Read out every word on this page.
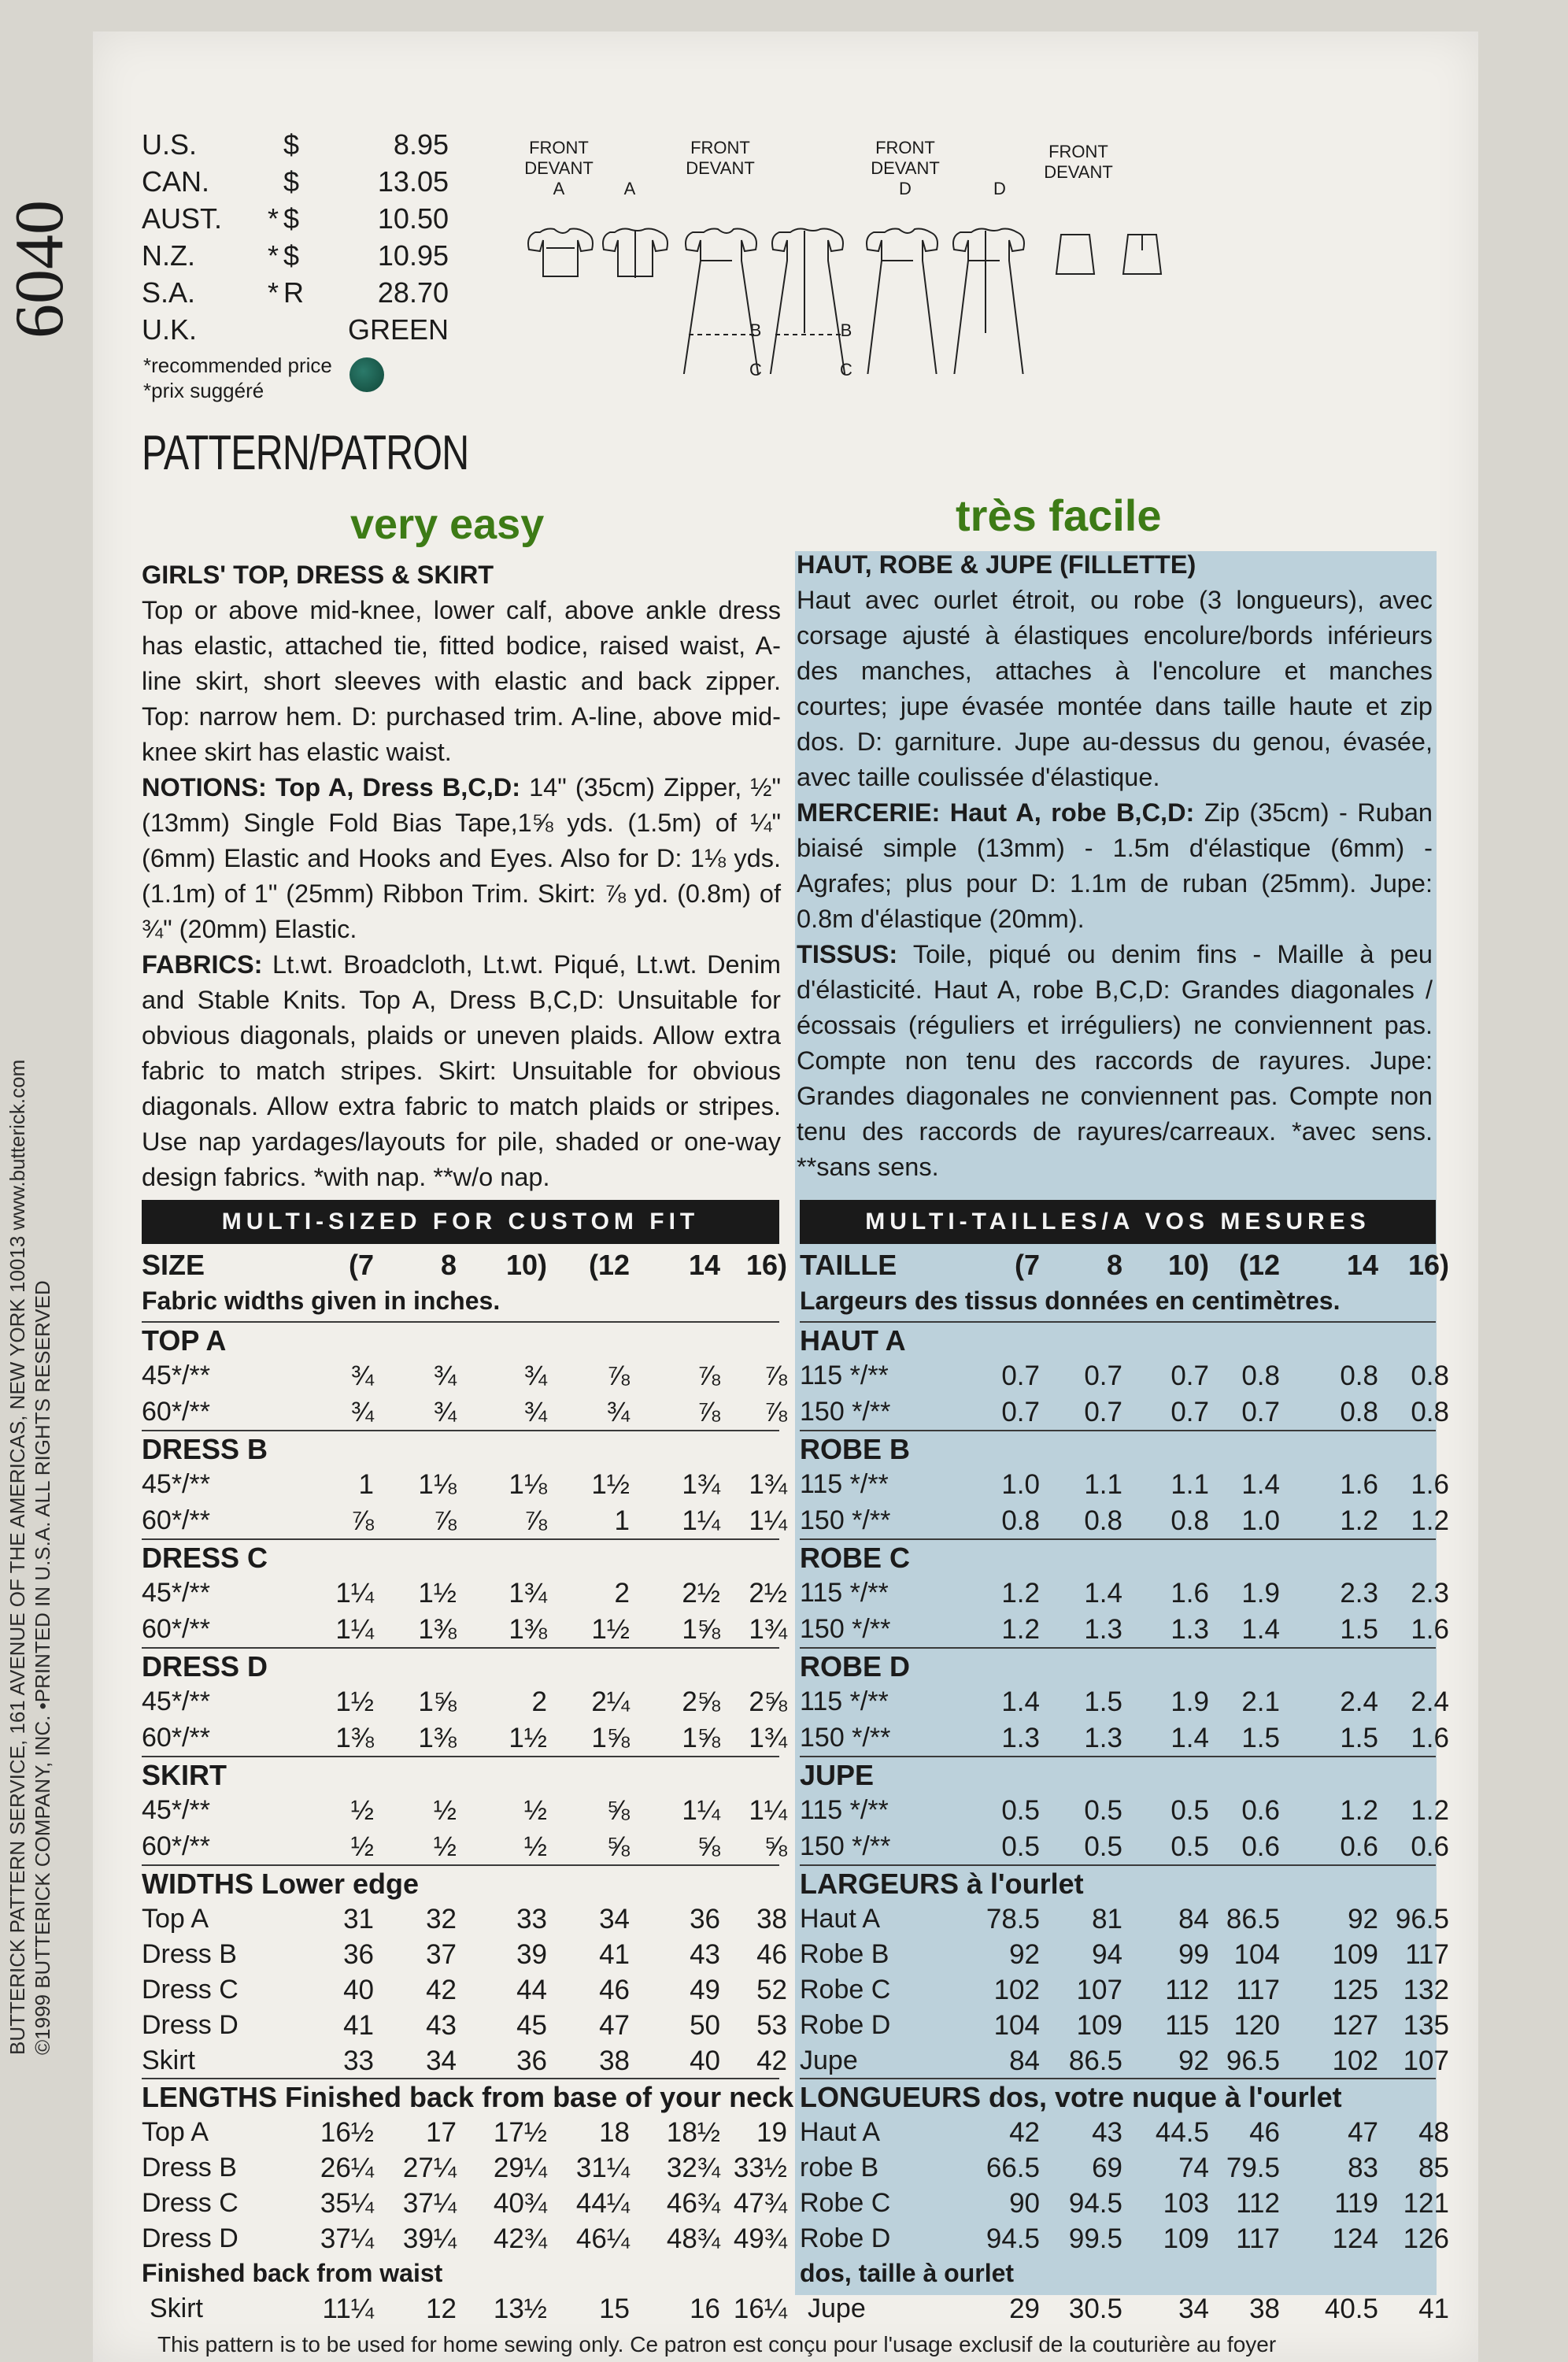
6040
BUTTERICK PATTERN SERVICE, 161 AVENUE OF THE AMERICAS, NEW YORK 10013 www.butterick.com ©1999 BUTTERICK COMPANY, INC. •PRINTED IN U.S.A. ALL RIGHTS RESERVED
U.S.	$	8.95
CAN.	$	13.05
AUST.	* $	10.50
N.Z.	* $	10.95
S.A.	* R	28.70
U.K.	GREEN
*recommended price
*prix suggéré
PATTERN/PATRON
FRONT
DEVANT
A	A
FRONT
DEVANT
FRONT
DEVANT
D	D
FRONT
DEVANT
B
C
B
C
very easy	très facile

GIRLS' TOP, DRESS & SKIRT

Top or above mid-knee, lower calf, above ankle dress has elastic, attached tie, fitted bodice, raised waist, A-line skirt, short sleeves with elastic and back zipper. Top: narrow hem. D: purchased trim. A-line, above mid-knee skirt has elastic waist.

NOTIONS: Top A, Dress B,C,D: 14" (35cm) Zipper, ½" (13mm) Single Fold Bias Tape,1⅝ yds. (1.5m) of ¼" (6mm) Elastic and Hooks and Eyes. Also for D: 1⅛ yds. (1.1m) of 1" (25mm) Ribbon Trim. Skirt: ⅞ yd. (0.8m) of ¾" (20mm) Elastic.

FABRICS: Lt.wt. Broadcloth, Lt.wt. Piqué, Lt.wt. Denim and Stable Knits. Top A, Dress B,C,D: Unsuitable for obvious diagonals, plaids or uneven plaids. Allow extra fabric to match stripes. Skirt: Unsuitable for obvious diagonals. Allow extra fabric to match plaids or stripes. Use nap yardages/layouts for pile, shaded or one-way design fabrics. *with nap. **w/o nap.

HAUT, ROBE & JUPE (FILLETTE)

Haut avec ourlet étroit, ou robe (3 longueurs), avec corsage ajusté à élastiques encolure/bords inférieurs des manches, attaches à l'encolure et manches courtes; jupe évasée montée dans taille haute et zip dos. D: garniture. Jupe au-dessus du genou, évasée, avec taille coulissée d'élastique.

MERCERIE: Haut A, robe B,C,D: Zip (35cm) - Ruban biaisé simple (13mm) - 1.5m d'élastique (6mm) - Agrafes; plus pour D: 1.1m de ruban (25mm). Jupe: 0.8m d'élastique (20mm).

TISSUS: Toile, piqué ou denim fins - Maille à peu d'élasticité. Haut A, robe B,C,D: Grandes diagonales /écossais (réguliers et irréguliers) ne conviennent pas. Compte non tenu des raccords de rayures. Jupe: Grandes diagonales ne conviennent pas. Compte non tenu des raccords de rayures/carreaux. *avec sens. **sans sens.

MULTI-SIZED FOR CUSTOM FIT
SIZE	(7	8	10)	(12	14 16)
Fabric widths given in inches.
TOP A
45*/**	¾	¾	¾	⅞	⅞	⅞
60*/**	¾	¾	¾	¾	⅞	⅞
DRESS B
45*/**	1	1⅛	1⅛	1½	1¾	1¾
60*/**	⅞	⅞	⅞	1	1¼	1¼
DRESS C
45*/**	1¼	1½	1¾	2	2½	2½
60*/**	1¼	1⅜	1⅜	1½	1⅝	1¾
DRESS D
45*/**	1½	1⅝	2	2¼	2⅝	2⅝
60*/**	1⅜	1⅜	1½	1⅝	1⅝	1¾
SKIRT
45*/**	½	½	½	⅝	1¼	1¼
60*/**	½	½	½	⅝	⅝	⅝
WIDTHS Lower edge
Top A	31	32	33	34	36	38
Dress B	36	37	39	41	43	46
Dress C	40	42	44	46	49	52
Dress D	41	43	45	47	50	53
Skirt	33	34	36	38	40	42
LENGTHS Finished back from base of your neck
Top A	16½	17	17½	18	18½	19
Dress B	26¼	27¼	29¼	31¼	32¾ 33½
Dress C	35¼	37¼	40¾	44¼	46¾ 47¾
Dress D	37¼	39¼	42¾	46¼	48¾ 49¾
Finished back from waist
Skirt	11¼	12	13½	15	16 16¼
MULTI-TAILLES/A VOS MESURES
TAILLE	(7	8	10)	(12	14	16)
Largeurs des tissus données en centimètres.
HAUT A
115 */**	0.7	0.7	0.7	0.8	0.8	0.8
150 */**	0.7	0.7	0.7	0.7	0.8	0.8
ROBE B
115 */**	1.0	1.1	1.1	1.4	1.6	1.6
150 */**	0.8	0.8	0.8	1.0	1.2	1.2
ROBE C
115 */**	1.2	1.4	1.6	1.9	2.3	2.3
150 */**	1.2	1.3	1.3	1.4	1.5	1.6
ROBE D
115 */**	1.4	1.5	1.9	2.1	2.4	2.4
150 */**	1.3	1.3	1.4	1.5	1.5	1.6
JUPE
115 */**	0.5	0.5	0.5	0.6	1.2	1.2
150 */**	0.5	0.5	0.5	0.6	0.6	0.6
LARGEURS à l'ourlet
Haut A	78.5	81	84 86.5	92 96.5
Robe B	92	94	99 104	109 117
Robe C	102	107	112 117	125 132
Robe D	104	109	115 120	127 135
Jupe	84	86.5	92 96.5	102 107
LONGUEURS dos, votre nuque à l'ourlet
Haut A	42	43	44.5	46	47	48
robe B	66.5	69	74 79.5	83	85
Robe C	90	94.5	103 112	119 121
Robe D	94.5	99.5	109 117	124 126
dos, taille à ourlet
Jupe	29	30.5	34	38	40.5	41
This pattern is to be used for home sewing only. Ce patron est conçu pour l'usage exclusif de la couturière au foyer
